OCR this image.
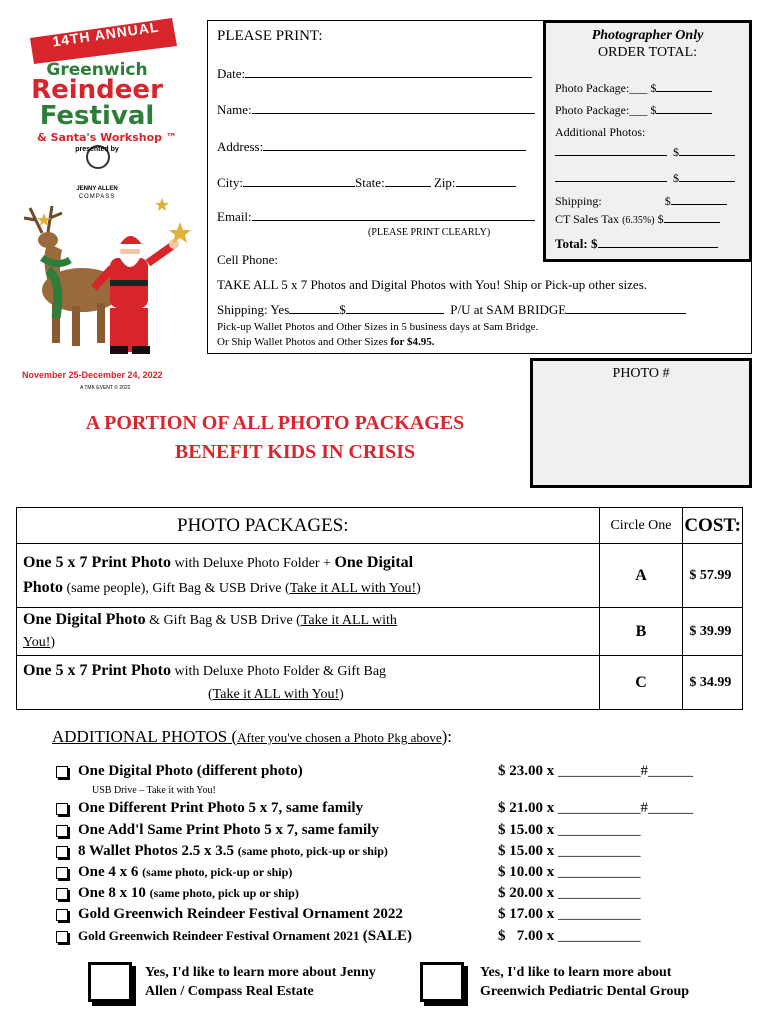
14TH ANNUAL
Greenwich
Reindeer
Festival
& Santa's Workshop ™
presented by
JENNY ALLEN
COMPASS
November 25-December 24, 2022
A TMK EVENT © 2022
PLEASE PRINT:
Date:
Name:
Address:
City:	State:	Zip:
Email:
(PLEASE PRINT CLEARLY)
Cell Phone:
TAKE ALL 5 x 7 Photos and Digital Photos with You! Ship or Pick-up other sizes.
Shipping: Yes	$	P/U at SAM BRIDGE
Pick-up Wallet Photos and Other Sizes in 5 business days at Sam Bridge.
Or Ship Wallet Photos and Other Sizes for $4.95.
Photographer Only
ORDER TOTAL:
Photo Package:___ $
Photo Package:___ $
Additional Photos:
$
$
Shipping:	$
CT Sales Tax (6.35%) $
Total: $
PHOTO #
A PORTION OF ALL PHOTO PACKAGES
BENEFIT KIDS IN CRISIS
PHOTO PACKAGES:	Circle One	COST:
One 5 x 7 Print Photo with Deluxe Photo Folder + One Digital
Photo (same people), Gift Bag & USB Drive (Take it ALL with You!)	A	$ 57.99
One Digital Photo & Gift Bag & USB Drive (Take it ALL with
You!)	B	$ 39.99
One 5 x 7 Print Photo with Deluxe Photo Folder & Gift Bag
(Take it ALL with You!)	C	$ 34.99
ADDITIONAL PHOTOS (After you've chosen a Photo Pkg above):
One Digital Photo (different photo)	$ 23.00 x ___________#______
One Different Print Photo 5 x 7, same family	$ 21.00 x ___________#______
One Add'l Same Print Photo 5 x 7, same family	$ 15.00 x ___________
8 Wallet Photos 2.5 x 3.5 (same photo, pick-up or ship)	$ 15.00 x ___________
One 4 x 6 (same photo, pick-up or ship)	$ 10.00 x ___________
One 8 x 10 (same photo, pick up or ship)	$ 20.00 x ___________
Gold Greenwich Reindeer Festival Ornament 2022	$ 17.00 x ___________
Gold Greenwich Reindeer Festival Ornament 2021 (SALE)	$   7.00 x ___________
USB Drive – Take it with You!
Yes, I'd like to learn more about Jenny
Allen / Compass Real Estate
Yes, I'd like to learn more about
Greenwich Pediatric Dental Group
